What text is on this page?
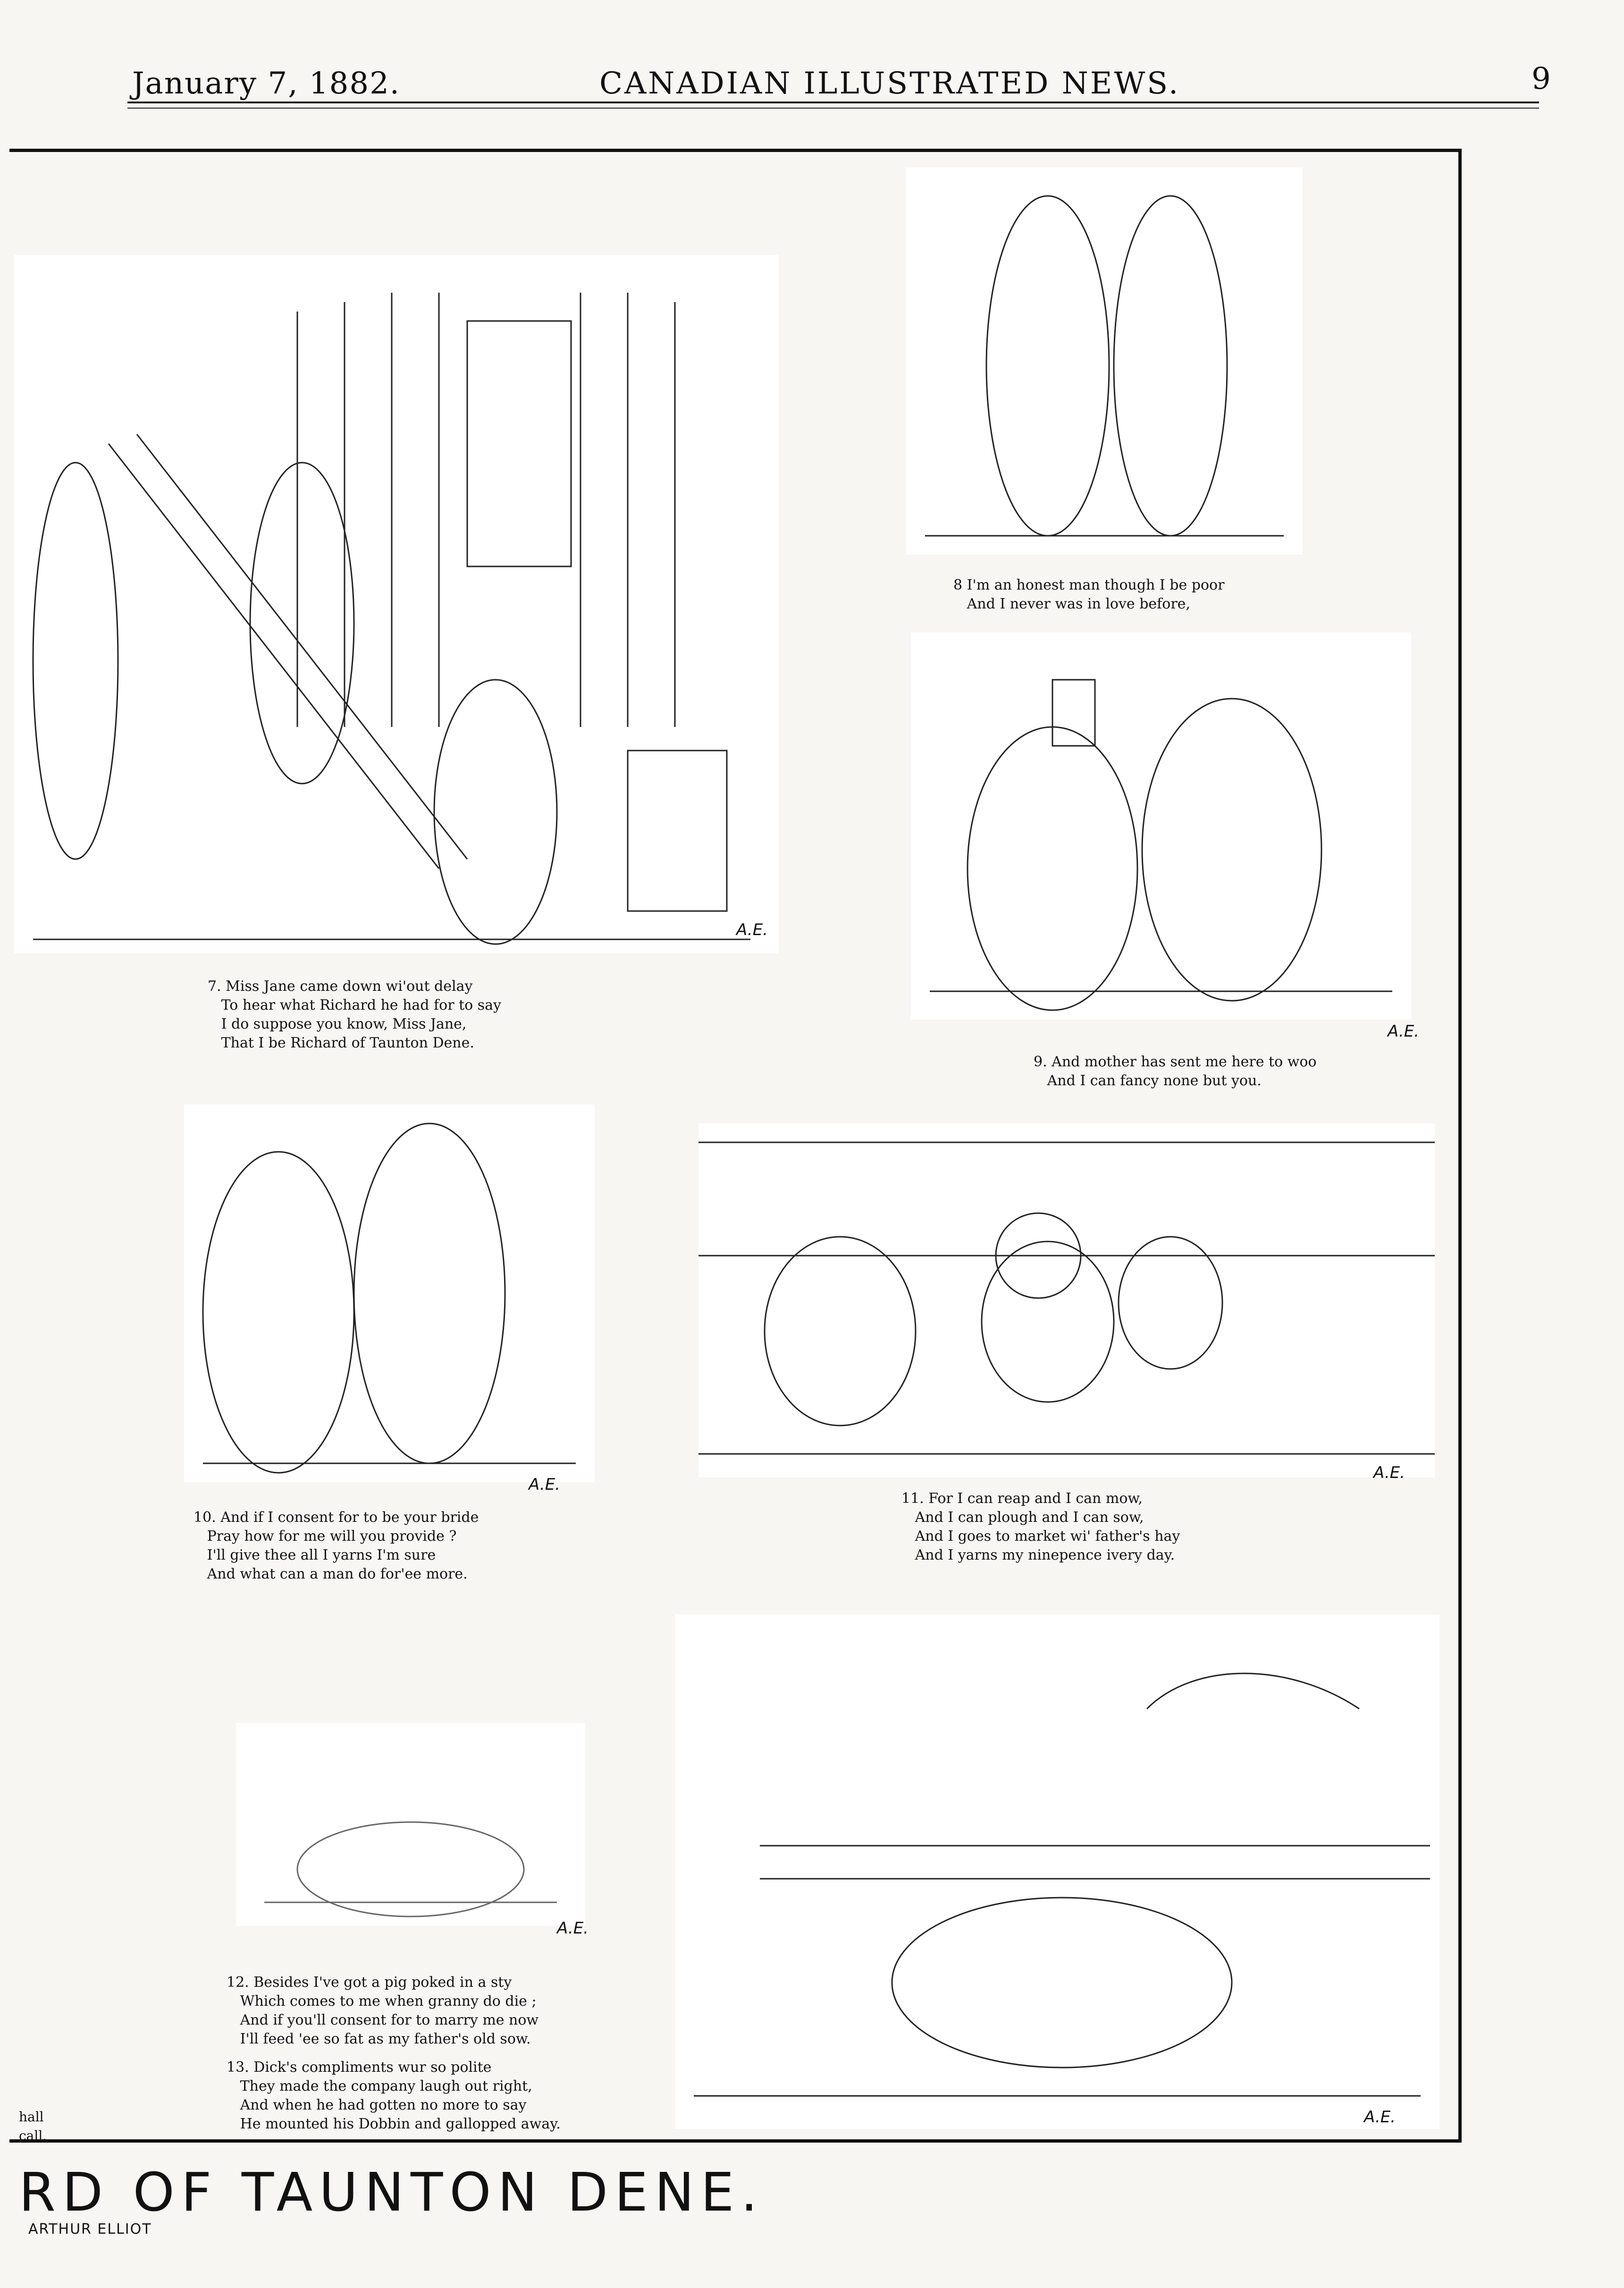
January 7, 1882.	CANADIAN ILLUSTRATED NEWS.	9
7. Miss Jane came down wi'out delay
To hear what Richard he had for to say
I do suppose you know, Miss Jane,
That I be Richard of Taunton Dene.
8 I'm an honest man though I be poor
And I never was in love before,
9. And mother has sent me here to woo
And I can fancy none but you.
10. And if I consent for to be your bride
Pray how for me will you provide ?
I'll give thee all I yarns I'm sure
And what can a man do for'ee more.
11. For I can reap and I can mow,
And I can plough and I can sow,
And I goes to market wi' father's hay
And I yarns my ninepence ivery day.
12. Besides I've got a pig poked in a sty
Which comes to me when granny do die ;
And if you'll consent for to marry me now
I'll feed 'ee so fat as my father's old sow.
13. Dick's compliments wur so polite
They made the company laugh out right,
And when he had gotten no more to say
He mounted his Dobbin and gallopped away.
A.E.
A.E.
A.E.
A.E.
A.E.
A.E.
hall
call.
RD OF TAUNTON DENE.
ARTHUR ELLIOT
